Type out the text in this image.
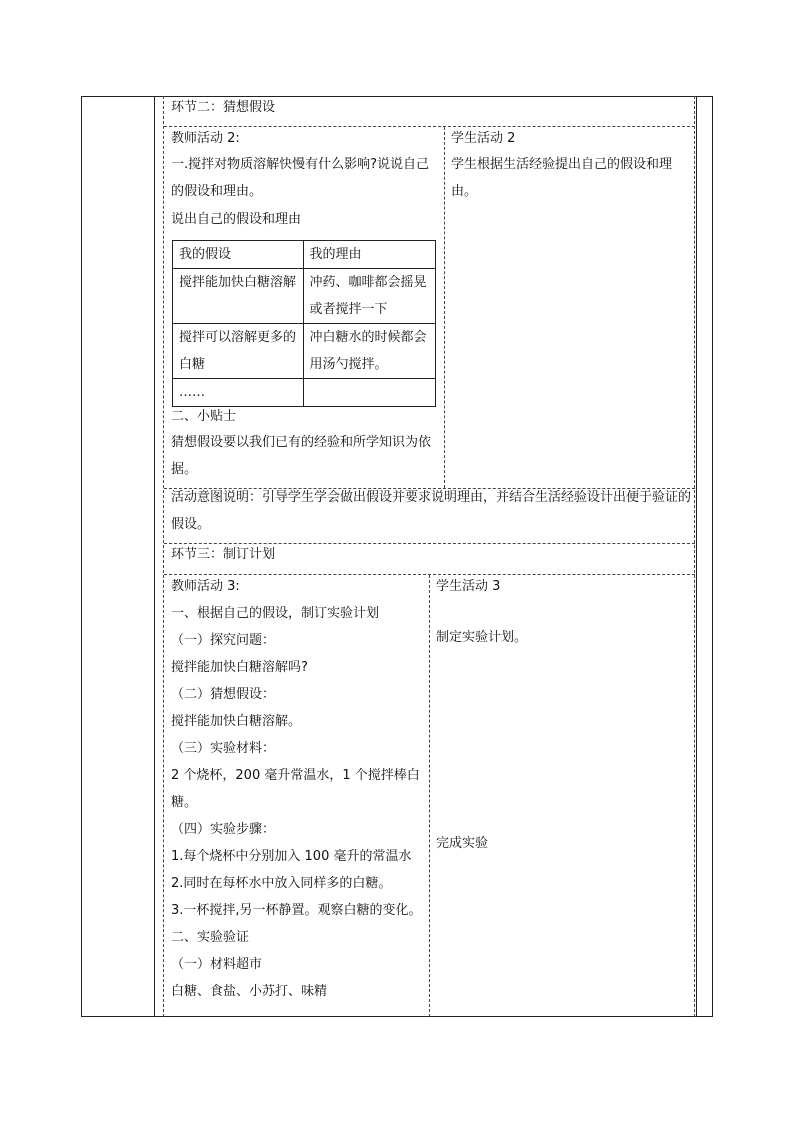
环节二：猜想假设
教师活动 2:
一.搅拌对物质溶解快慢有什么影响?说说自己的假设和理由。
说出自己的假设和理由
我的假设	我的理由
搅拌能加快白糖溶解	冲药、咖啡都会摇晃或者搅拌一下
搅拌可以溶解更多的白糖	冲白糖水的时候都会用汤勺搅拌。
……	
二、小贴士
猜想假设要以我们已有的经验和所学知识为依据。
学生活动 2
学生根据生活经验提出自己的假设和理由。
活动意图说明：引导学生学会做出假设并要求说明理由，并结合生活经验设计出便于验证的假设。
环节三：制订计划
教师活动 3:
一、根据自己的假设，制订实验计划
（一）探究问题：
搅拌能加快白糖溶解吗?
（二）猜想假设：
搅拌能加快白糖溶解。
（三）实验材料：
2 个烧杯，200 毫升常温水，1 个搅拌棒白
糖。
（四）实验步骤：
1.每个烧杯中分别加入 100 毫升的常温水
2.同时在每杯水中放入同样多的白糖。
3.一杯搅拌,另一杯静置。观察白糖的变化。
二、实验验证
（一）材料超市
白糖、食盐、小苏打、味精
学生活动 3
制定实验计划。
完成实验
